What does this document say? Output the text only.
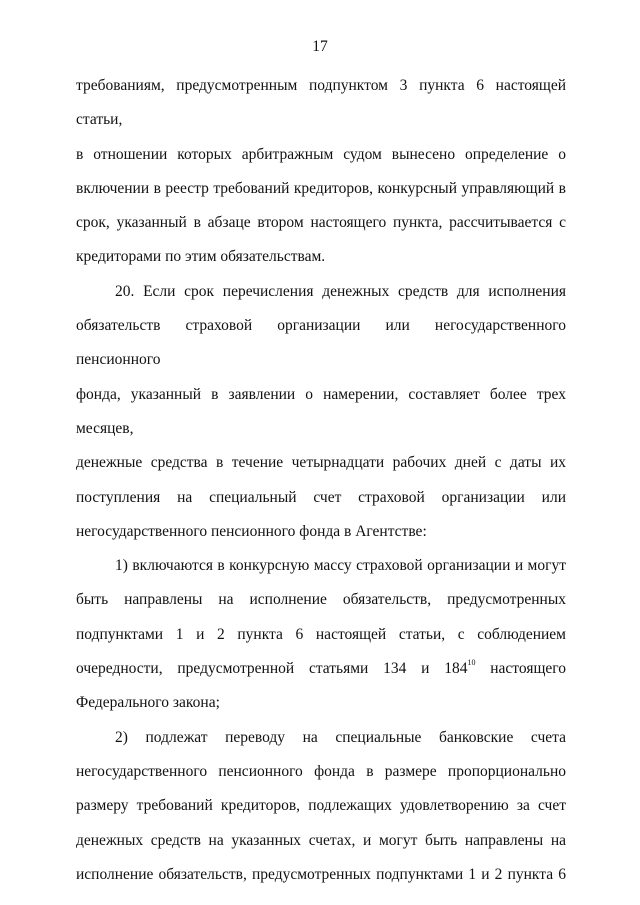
17

требованиям, предусмотренным подпунктом 3 пункта 6 настоящей статьи,

в отношении которых арбитражным судом вынесено определение о

включении в реестр требований кредиторов, конкурсный управляющий в

срок, указанный в абзаце втором настоящего пункта, рассчитывается с

кредиторами по этим обязательствам.

20. Если срок перечисления денежных средств для исполнения

обязательств страховой организации или негосударственного пенсионного

фонда, указанный в заявлении о намерении, составляет более трех месяцев,

денежные средства в течение четырнадцати рабочих дней с даты их

поступления на специальный счет страховой организации или

негосударственного пенсионного фонда в Агентстве:

1) включаются в конкурсную массу страховой организации и могут

быть направлены на исполнение обязательств, предусмотренных

подпунктами 1 и 2 пункта 6 настоящей статьи, с соблюдением

очередности, предусмотренной статьями 134 и $184^{10}$ настоящего

Федерального закона;

2) подлежат переводу на специальные банковские счета

негосударственного пенсионного фонда в размере пропорционально

размеру требований кредиторов, подлежащих удовлетворению за счет

денежных средств на указанных счетах, и могут быть направлены на

исполнение обязательств, предусмотренных подпунктами 1 и 2 пункта 6
